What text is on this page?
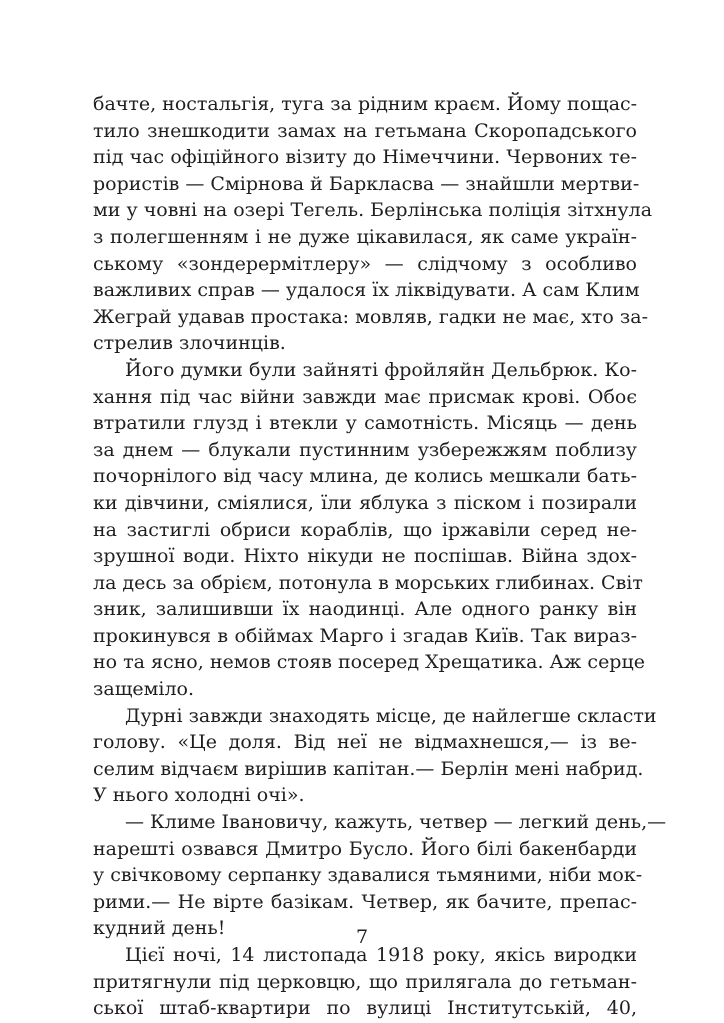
бачте, ностальгія, туга за рідним краєм. Йому пощас-
тило знешкодити замах на гетьмана Скоропадського
під час офіційного візиту до Німеччини. Червоних те-
рористів — Смірнова й Баркласва — знайшли мертви-
ми у човні на озері Тегель. Берлінська поліція зітхнула
з полегшенням і не дуже цікавилася, як саме україн-
ському «зондерермітлеру» — слідчому з особливо
важливих справ — удалося їх ліквідувати. А сам Клим
Жеграй удавав простака: мовляв, гадки не має, хто за-
стрелив злочинців.
Його думки були зайняті фройляйн Дельбрюк. Ко-
хання під час війни завжди має присмак крові. Обоє
втратили глузд і втекли у самотність. Місяць — день
за днем — блукали пустинним узбережжям поблизу
почорнілого від часу млина, де колись мешкали бать-
ки дівчини, сміялися, їли яблука з піском і позирали
на застиглі обриси кораблів, що іржавіли серед не-
зрушної води. Ніхто нікуди не поспішав. Війна здох-
ла десь за обрієм, потонула в морських глибинах. Світ
зник, залишивши їх наодинці. Але одного ранку він
прокинувся в обіймах Марго і згадав Київ. Так вираз-
но та ясно, немов стояв посеред Хрещатика. Аж серце
защеміло.
Дурні завжди знаходять місце, де найлегше скласти
голову. «Це доля. Від неї не відмахнешся,— із ве-
селим відчаєм вирішив капітан.— Берлін мені набрид.
У нього холодні очі».
— Климе Івановичу, кажуть, четвер — легкий день,—
нарешті озвався Дмитро Бусло. Його білі бакенбарди
у свічковому серпанку здавалися тьмяними, ніби мок-
рими.— Не вірте базікам. Четвер, як бачите, препас-
кудний день!
Цієї ночі, 14 листопада 1918 року, якісь виродки
притягнули під церковцю, що прилягала до гетьман-
ської штаб-квартири по вулиці Інститутській, 40,
7
